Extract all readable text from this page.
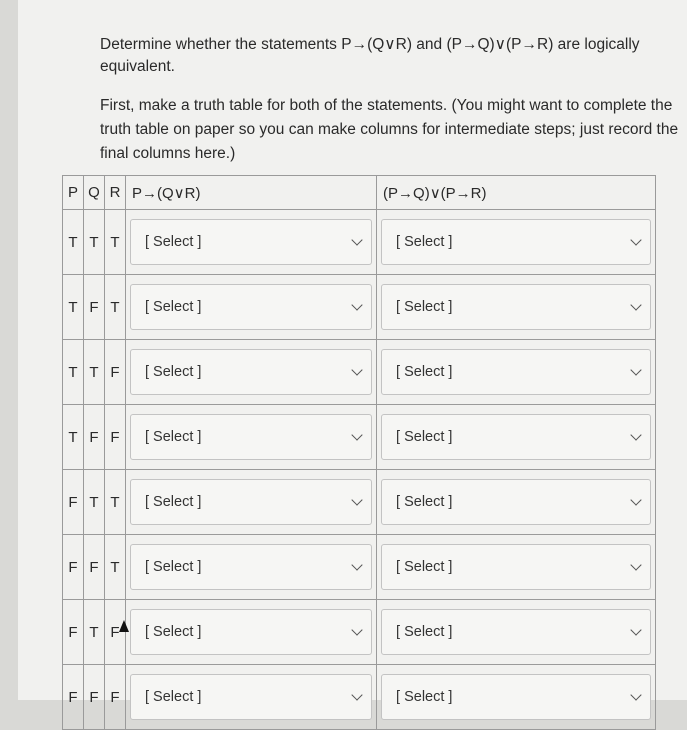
Determine whether the statements P→(Q∨R) and (P→Q)∨(P→R) are logically equivalent.

First, make a truth table for both of the statements. (You might want to complete the truth table on paper so you can make columns for intermediate steps; just record the final columns here.)

P	Q	R	P→(Q∨R)	(P→Q)∨(P→R)
T	T	T	[ Select ]	[ Select ]

T	F	T	[ Select ]	[ Select ]

T	T	F	[ Select ]	[ Select ]

T	F	F	[ Select ]	[ Select ]

F	T	T	[ Select ]	[ Select ]

F	F	T	[ Select ]	[ Select ]

F	T	F	[ Select ]	[ Select ]

F	F	F	[ Select ]	[ Select ]
